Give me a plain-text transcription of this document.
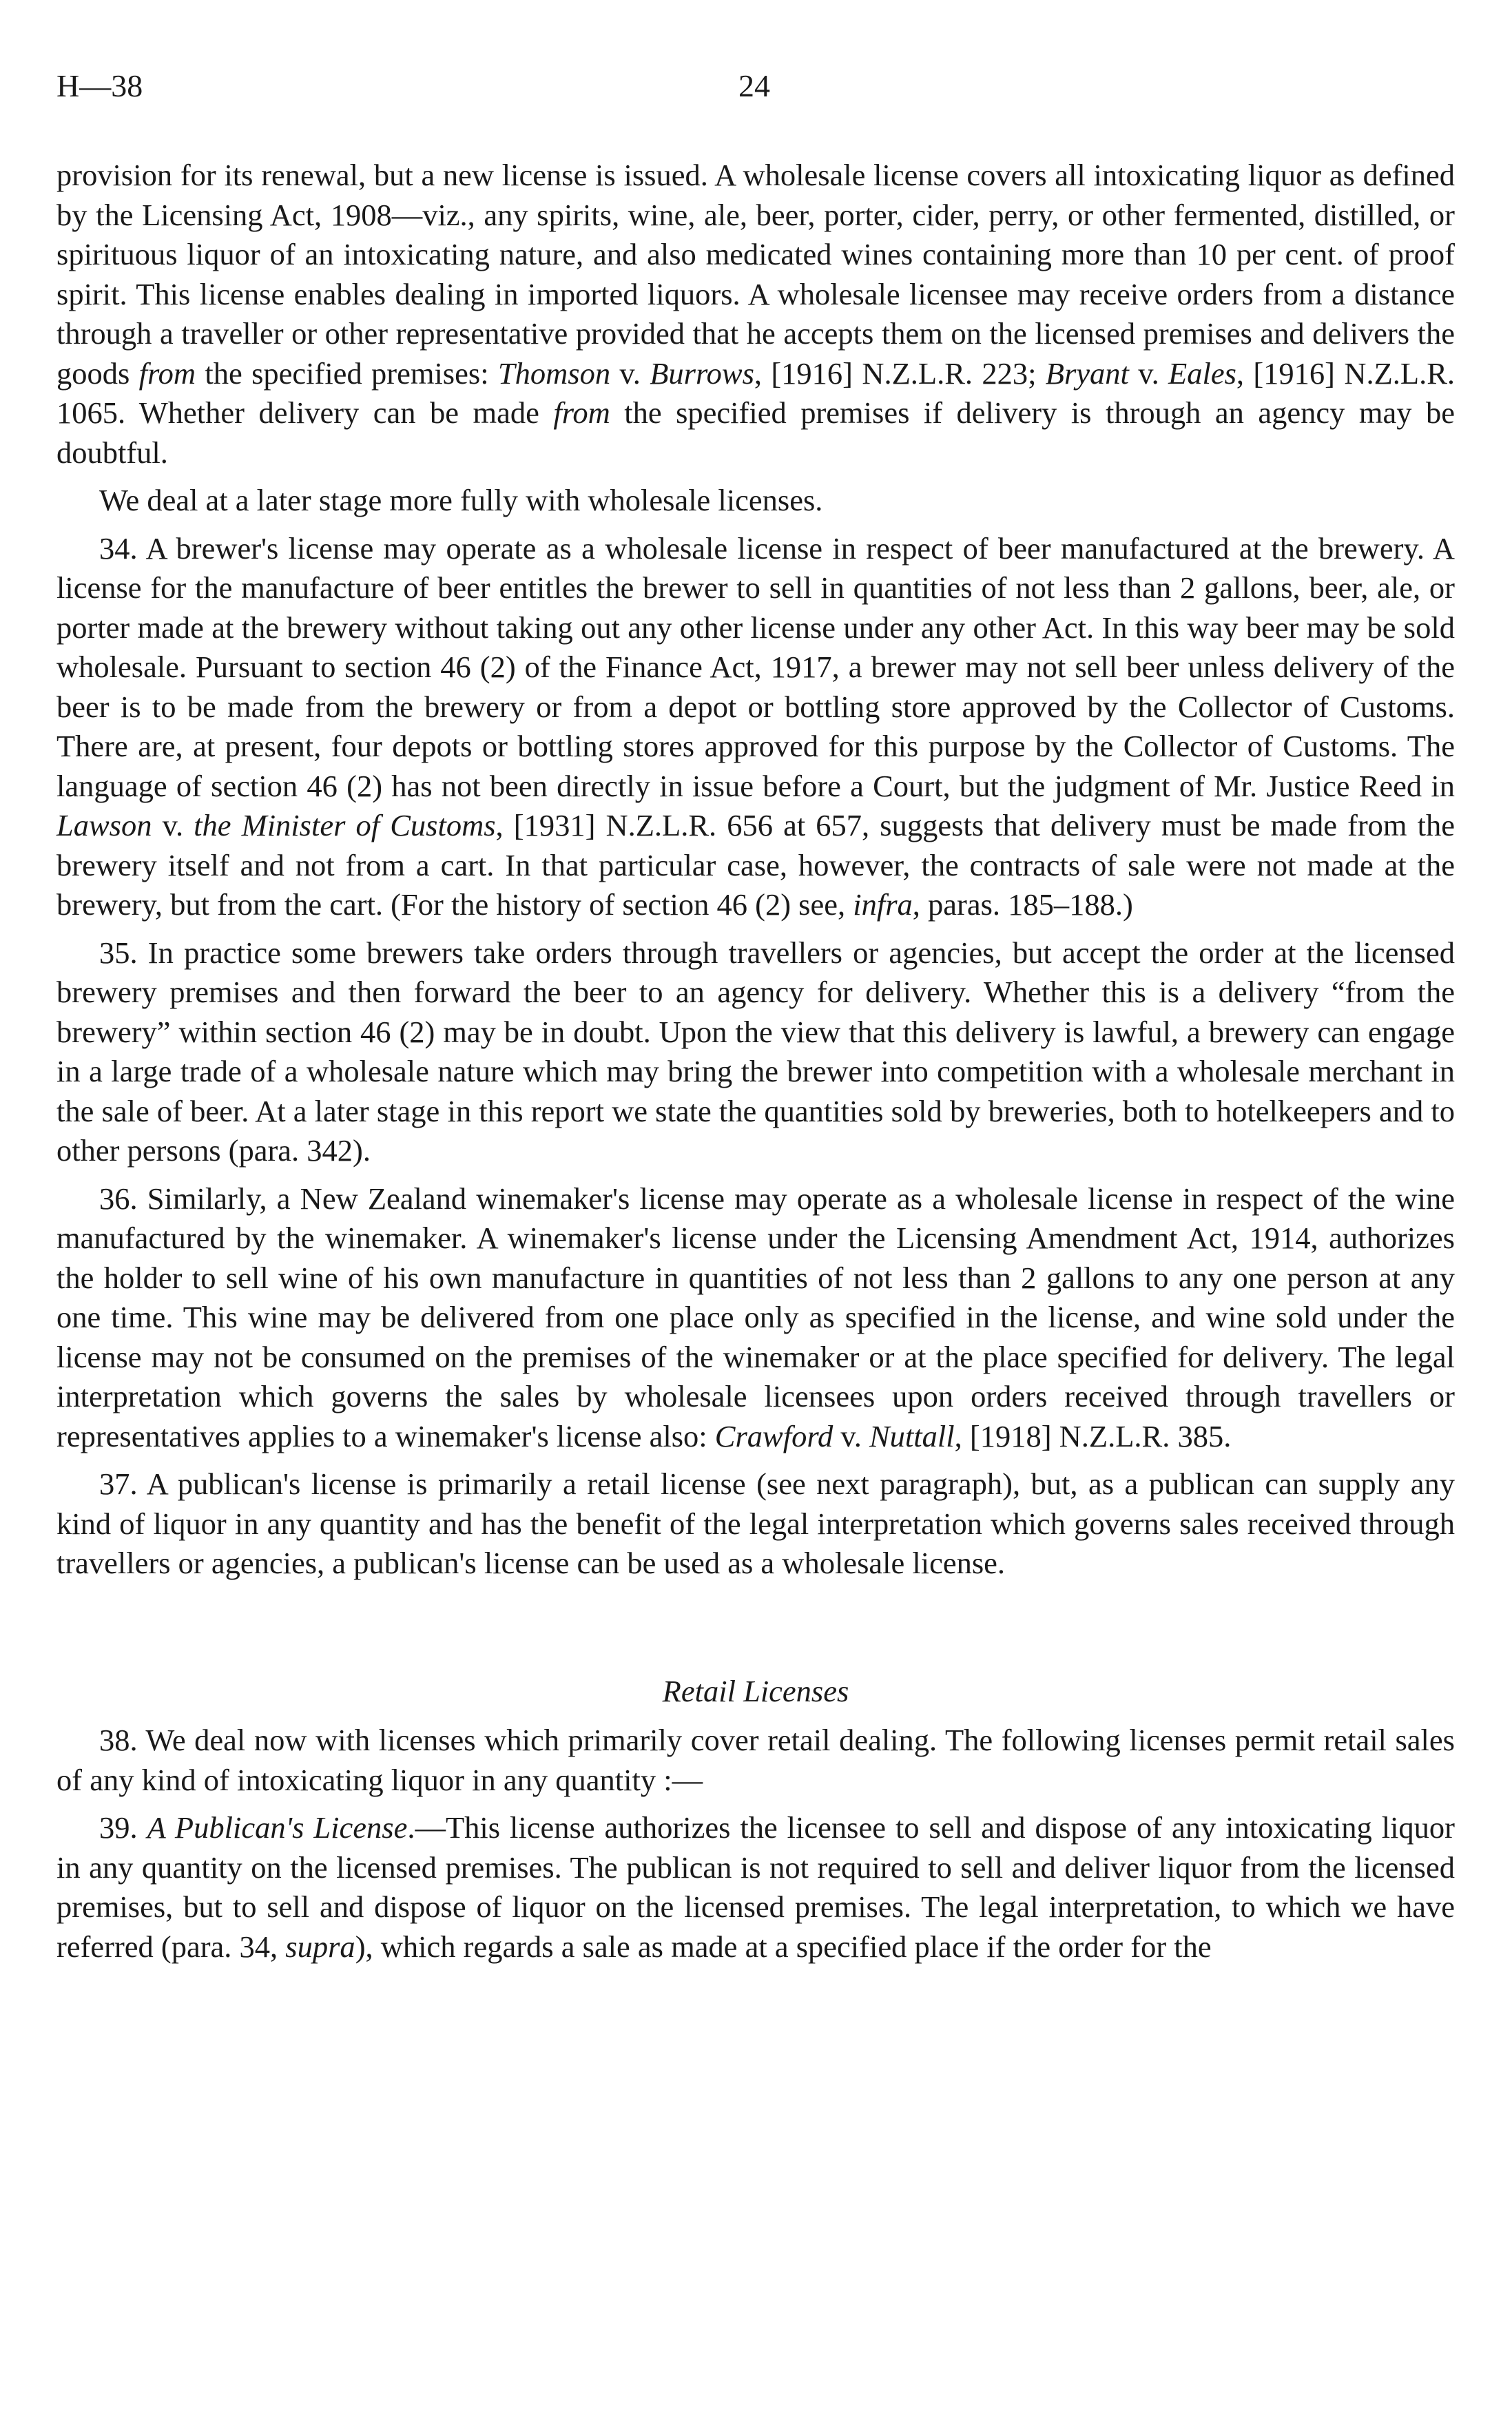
H—38	24

provision for its renewal, but a new license is issued. A wholesale license covers all intoxicating liquor as defined by the Licensing Act, 1908—viz., any spirits, wine, ale, beer, porter, cider, perry, or other fermented, distilled, or spirituous liquor of an intoxicating nature, and also medicated wines containing more than 10 per cent. of proof spirit. This license enables dealing in imported liquors. A wholesale licensee may receive orders from a distance through a traveller or other representative provided that he accepts them on the licensed premises and delivers the goods from the specified premises: Thomson v. Burrows, [1916] N.Z.L.R. 223; Bryant v. Eales, [1916] N.Z.L.R. 1065. Whether delivery can be made from the specified premises if delivery is through an agency may be doubtful.

We deal at a later stage more fully with wholesale licenses.

34. A brewer's license may operate as a wholesale license in respect of beer manufactured at the brewery. A license for the manufacture of beer entitles the brewer to sell in quantities of not less than 2 gallons, beer, ale, or porter made at the brewery without taking out any other license under any other Act. In this way beer may be sold wholesale. Pursuant to section 46 (2) of the Finance Act, 1917, a brewer may not sell beer unless delivery of the beer is to be made from the brewery or from a depot or bottling store approved by the Collector of Customs. There are, at present, four depots or bottling stores approved for this purpose by the Collector of Customs. The language of section 46 (2) has not been directly in issue before a Court, but the judgment of Mr. Justice Reed in Lawson v. the Minister of Customs, [1931] N.Z.L.R. 656 at 657, suggests that delivery must be made from the brewery itself and not from a cart. In that particular case, however, the contracts of sale were not made at the brewery, but from the cart. (For the history of section 46 (2) see, infra, paras. 185–188.)

35. In practice some brewers take orders through travellers or agencies, but accept the order at the licensed brewery premises and then forward the beer to an agency for delivery. Whether this is a delivery “from the brewery” within section 46 (2) may be in doubt. Upon the view that this delivery is lawful, a brewery can engage in a large trade of a wholesale nature which may bring the brewer into competition with a wholesale merchant in the sale of beer. At a later stage in this report we state the quantities sold by breweries, both to hotelkeepers and to other persons (para. 342).

36. Similarly, a New Zealand winemaker's license may operate as a wholesale license in respect of the wine manufactured by the winemaker. A winemaker's license under the Licensing Amendment Act, 1914, authorizes the holder to sell wine of his own manufacture in quantities of not less than 2 gallons to any one person at any one time. This wine may be delivered from one place only as specified in the license, and wine sold under the license may not be consumed on the premises of the winemaker or at the place specified for delivery. The legal interpretation which governs the sales by wholesale licensees upon orders received through travellers or representatives applies to a winemaker's license also: Crawford v. Nuttall, [1918] N.Z.L.R. 385.

37. A publican's license is primarily a retail license (see next paragraph), but, as a publican can supply any kind of liquor in any quantity and has the benefit of the legal interpretation which governs sales received through travellers or agencies, a publican's license can be used as a wholesale license.

Retail Licenses

38. We deal now with licenses which primarily cover retail dealing. The following licenses permit retail sales of any kind of intoxicating liquor in any quantity :—

39. A Publican's License.—This license authorizes the licensee to sell and dispose of any intoxicating liquor in any quantity on the licensed premises. The publican is not required to sell and deliver liquor from the licensed premises, but to sell and dispose of liquor on the licensed premises. The legal interpretation, to which we have referred (para. 34, supra), which regards a sale as made at a specified place if the order for the
